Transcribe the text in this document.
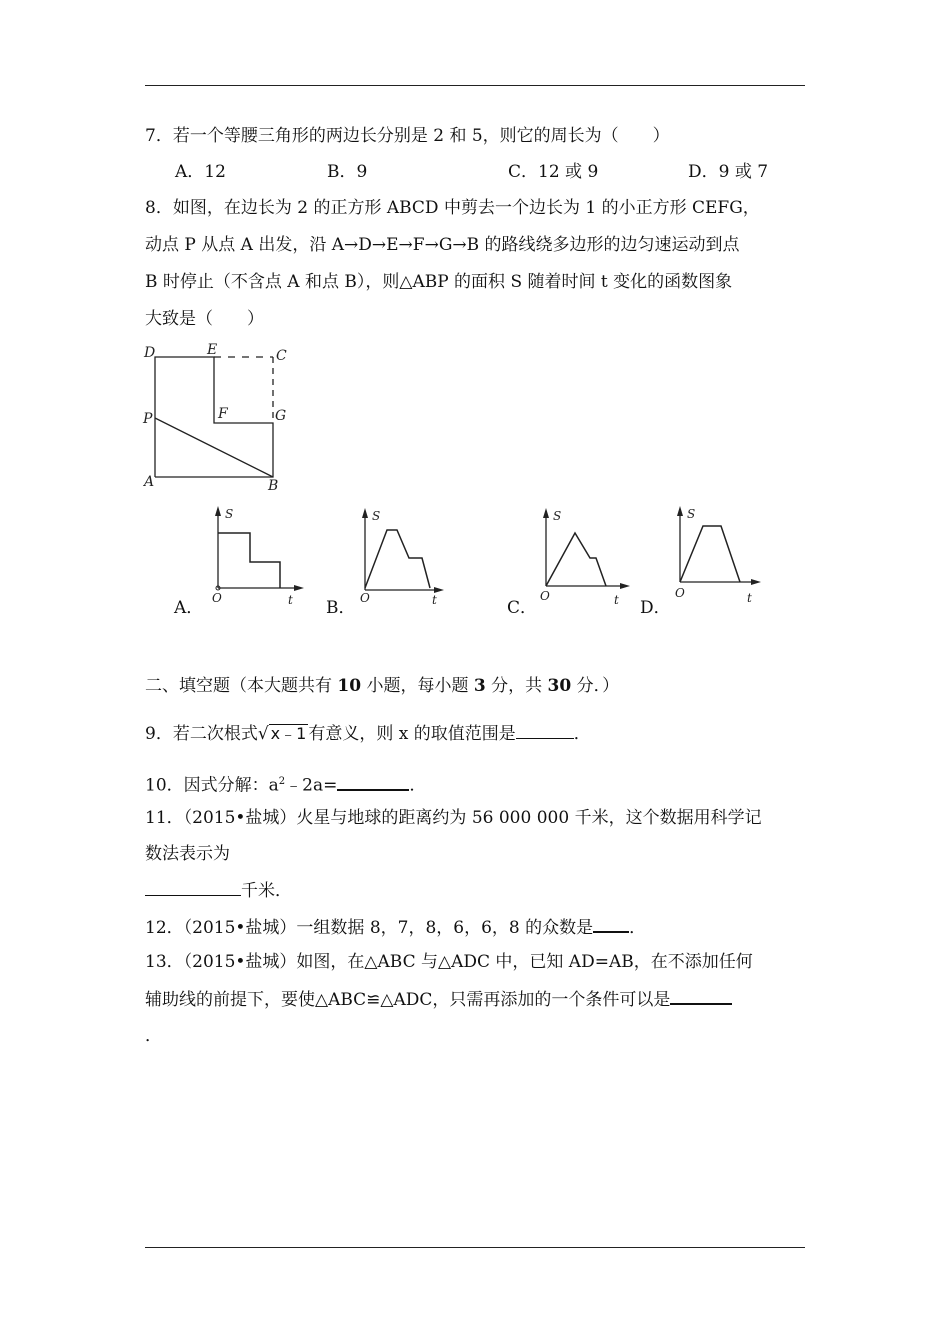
7．若一个等腰三角形的两边长分别是 2 和 5，则它的周长为（　　）
A．12	B．9	C．12 或 9	D．9 或 7
8．如图，在边长为 2 的正方形 ABCD 中剪去一个边长为 1 的小正方形 CEFG，
动点 P 从点 A 出发，沿 A→D→E→F→G→B 的路线绕多边形的边匀速运动到点
B 时停止（不含点 A 和点 B），则△ABP 的面积 S 随着时间 t 变化的函数图象
大致是（　　）
D	E	C
P	F	G
A	B
S
O	t
A．
S
O	t
B．
S
O	t
C．
S
O	t
D．
二、填空题（本大题共有 10 小题，每小题 3 分，共 30 分．）
9．若二次根式√ x﹣1 有意义，则 x 的取值范围是	．
10．因式分解：$a^2﹣2a=$	．
11．（2015•盐城）火星与地球的距离约为 56 000 000 千米，这个数据用科学记
数法表示为
千米．
12．（2015•盐城）一组数据 8，7，8，6，6，8 的众数是 ．
13．（2015•盐城）如图，在△ABC 与△ADC 中，已知 AD=AB，在不添加任何
辅助线的前提下，要使△ABC≌△ADC，只需再添加的一个条件可以是
．
